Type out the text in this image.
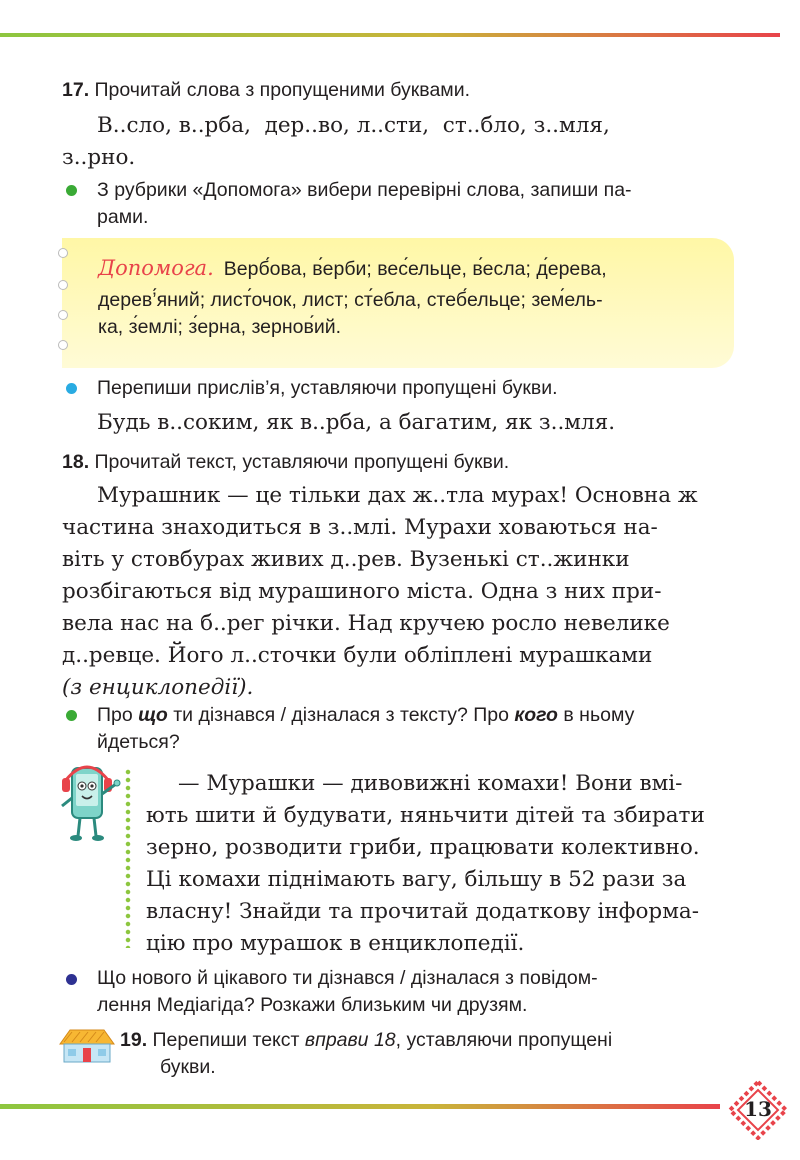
17. Прочитай слова з пропущеними буквами.
В..сло, в..рба,  дер..во, л..сти,  ст..бло, з..мля,
з..рно.
З рубрики «Допомога» вибери перевірні слова, запиши па-
рами.
Допомога. Верб́ова, в́ерби; вес́ельце, в́есла; д́ерева,
дерев’́яний; лист́очок, лист; ст́ебла, стеб́ельце; зем́ель-
ка, з́емлі; з́ерна, зернов́ий.
Перепиши прислів’я, уставляючи пропущені букви.
Будь в..соким, як в..рба, а багатим, як з..мля.
18. Прочитай текст, уставляючи пропущені букви.
Мурашник — це тільки дах ж..тла мурах! Основна ж
частина знаходиться в з..млі. Мурахи ховаються на-
віть у стовбурах живих д..рев. Вузенькі ст..жинки
розбігаються від мурашиного міста. Одна з них при-
вела нас на б..рег річки. Над кручею росло невелике
д..ревце. Його л..сточки були обліплені мурашками
(з енциклопедії).
Про що ти дізнався / дізналася з тексту? Про кого в ньому
йдеться?
— Мурашки — дивовижні комахи! Вони вмі-
ють шити й будувати, няньчити дітей та збирати
зерно, розводити гриби, працювати колективно.
Ці комахи піднімають вагу, більшу в 52 рази за
власну! Знайди та прочитай додаткову інформа-
цію про мурашок в енциклопедії.
Що нового й цікавого ти дізнався / дізналася з повідом-
лення Медіагіда? Розкажи близьким чи друзям.
19. Перепиши текст вправи 18, уставляючи пропущені
букви.
13
